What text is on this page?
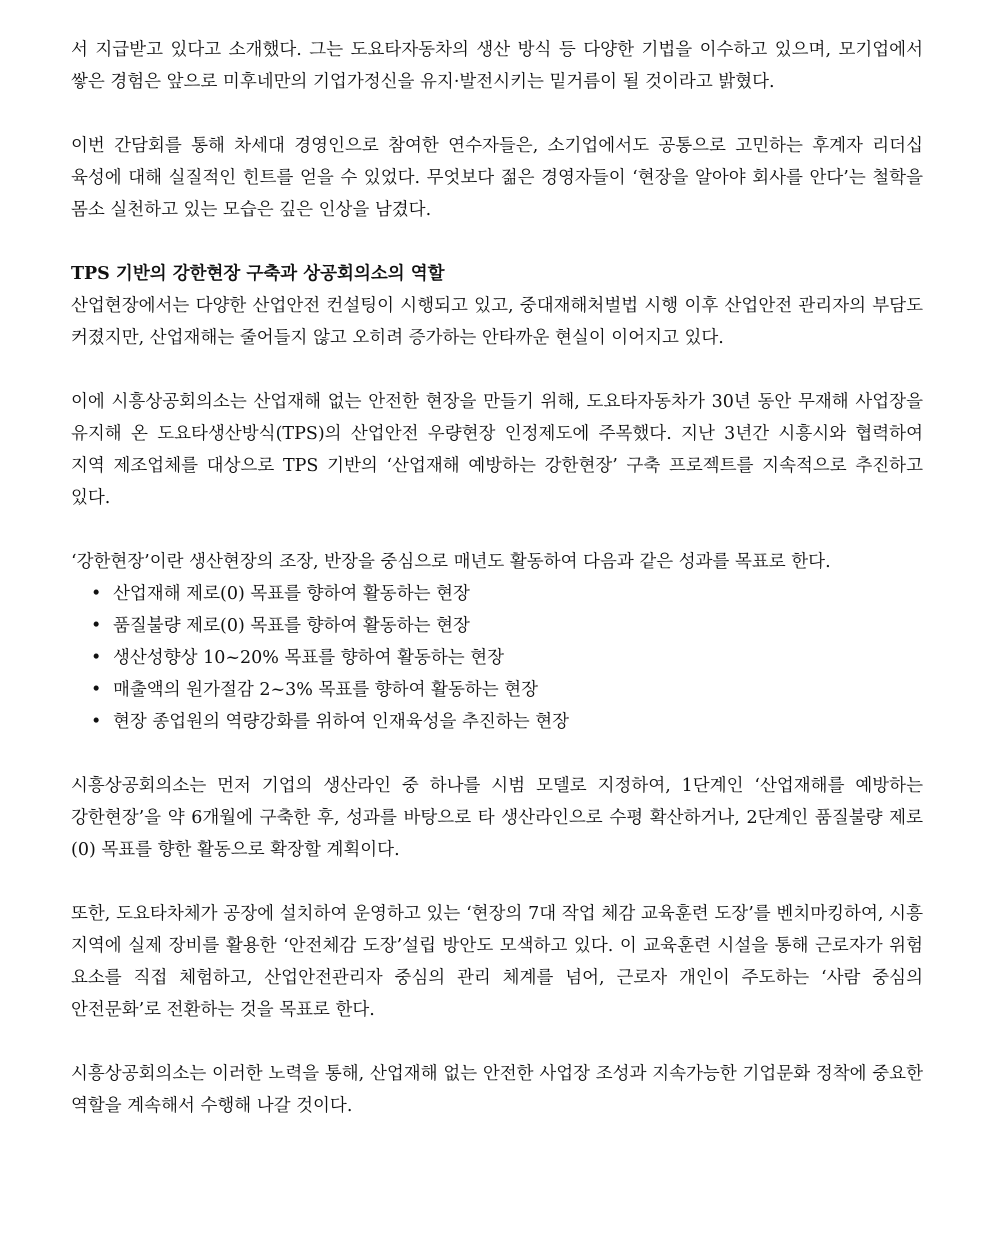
서 지급받고 있다고 소개했다. 그는 도요타자동차의 생산 방식 등 다양한 기법을 이수하고 있으며, 모기업에서 쌓은 경험은 앞으로 미후네만의 기업가정신을 유지·발전시키는 밑거름이 될 것이라고 밝혔다.

이번 간담회를 통해 차세대 경영인으로 참여한 연수자들은, 소기업에서도 공통으로 고민하는 후계자 리더십 육성에 대해 실질적인 힌트를 얻을 수 있었다. 무엇보다 젊은 경영자들이 ‘현장을 알아야 회사를 안다’는 철학을 몸소 실천하고 있는 모습은 깊은 인상을 남겼다.

TPS 기반의 강한현장 구축과 상공회의소의 역할

산업현장에서는 다양한 산업안전 컨설팅이 시행되고 있고, 중대재해처벌법 시행 이후 산업안전 관리자의 부담도 커졌지만, 산업재해는 줄어들지 않고 오히려 증가하는 안타까운 현실이 이어지고 있다.

이에 시흥상공회의소는 산업재해 없는 안전한 현장을 만들기 위해, 도요타자동차가 30년 동안 무재해 사업장을 유지해 온 도요타생산방식(TPS)의 산업안전 우량현장 인정제도에 주목했다. 지난 3년간 시흥시와 협력하여 지역 제조업체를 대상으로 TPS 기반의 ‘산업재해 예방하는 강한현장’ 구축 프로젝트를 지속적으로 추진하고 있다.

‘강한현장’이란 생산현장의 조장, 반장을 중심으로 매년도 활동하여 다음과 같은 성과를 목표로 한다.

• 산업재해 제로(0) 목표를 향하여 활동하는 현장
• 품질불량 제로(0) 목표를 향하여 활동하는 현장
• 생산성향상 10~20% 목표를 향하여 활동하는 현장
• 매출액의 원가절감 2~3% 목표를 향하여 활동하는 현장
• 현장 종업원의 역량강화를 위하여 인재육성을 추진하는 현장

시흥상공회의소는 먼저 기업의 생산라인 중 하나를 시범 모델로 지정하여, 1단계인 ‘산업재해를 예방하는 강한현장’을 약 6개월에 구축한 후, 성과를 바탕으로 타 생산라인으로 수평 확산하거나, 2단계인 품질불량 제로(0) 목표를 향한 활동으로 확장할 계획이다.

또한, 도요타차체가 공장에 설치하여 운영하고 있는 ‘현장의 7대 작업 체감 교육훈련 도장’를 벤치마킹하여, 시흥 지역에 실제 장비를 활용한 ‘안전체감 도장’설립 방안도 모색하고 있다. 이 교육훈련 시설을 통해 근로자가 위험 요소를 직접 체험하고, 산업안전관리자 중심의 관리 체계를 넘어, 근로자 개인이 주도하는 ‘사람 중심의 안전문화’로 전환하는 것을 목표로 한다.

시흥상공회의소는 이러한 노력을 통해, 산업재해 없는 안전한 사업장 조성과 지속가능한 기업문화 정착에 중요한 역할을 계속해서 수행해 나갈 것이다.
